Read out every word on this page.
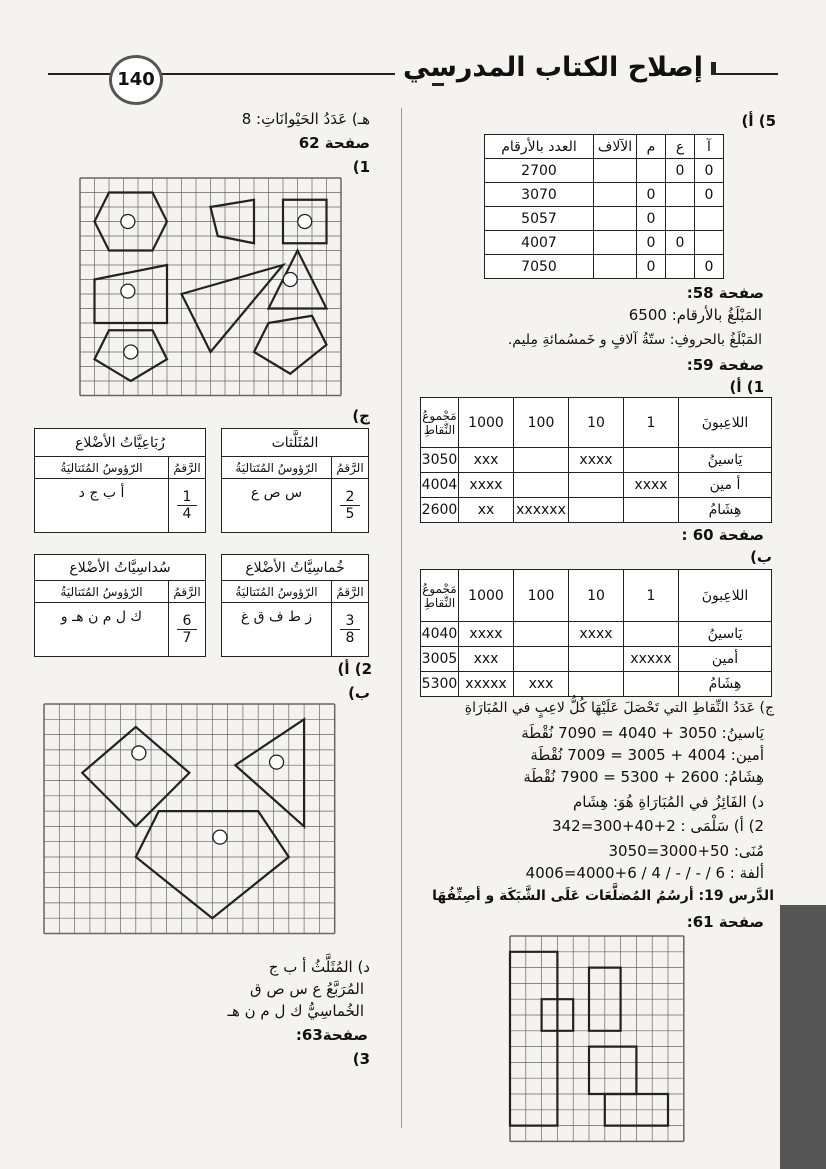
إصلاح الكتاب المدرسي
140
5) أ)
آ	ع	م	الآلاف	العدد بالأرقام
0	0			2700
0		0		3070
		0		5057
	0	0		4007
0		0		7050
صفحة 58:
المَبْلَغُ بالأرقام: 6500
المَبْلَغُ بالحروفِ: ستّةُ آلافٍ و خَمسُمائةِ مِليم.
صفحة 59:
1) أ)
اللاعِبونَ	1	10	100	1000	مَجْموعُ النِّقاطِ
يَاسينُ		xxxx		xxx	3050
أ مين	xxxx			xxxx	4004
هِشَامُ			xxxxxx	xx	2600
صفحة 60 :
ب)
اللاعِبونَ	1	10	100	1000	مَجْموعُ النِّقاطِ
يَاسينُ		xxxx		xxxx	4040
أمين	xxxxx			xxx	3005
هِشَامُ			xxx	xxxxx	5300
ج) عَدَدُ النِّقاطِ التي تَحْصَلَ عَلَيْهَا كُلُّ لاعِبٍ في المُبَارَاةِ
يَاسينُ: 3050 + 4040 = 7090 نُقْطَة
أمين: 4004 + 3005 = 7009 نُقْطَة
هِشَامُ: 2600 + 5300 = 7900 نُقْطَة
د) الفَائِزُ في المُبَارَاةِ هُوَ: هِشَام
2) أ) سَلْمَى : 2+40+300=342
مُنَى: 50+3000=3050
ألفة : 6 / - / - / 4 / 6+4000=4006
الدَّرس 19: أرسُمُ المُضلَّعَات عَلَى الشَّبَكَة و أصِنِّفُهَا
صفحة 61:
هـ) عَدَدُ الحَيْوانَاتِ: 8
صفحة 62
1)
ج)
المُثَلَّثات	
الرَّقمُ	الرّؤوسُ المُتَتاليَةُ

2
5	س ص ع
رُبَاعِيَّاتُ الأضْلاع	
الرَّقمُ	الرّؤوسُ المُتَتاليَةُ

1
4	أ ب ج د
خُماسِيَّاتُ الأضْلاع	
الرَّقمُ	الرّؤوسُ المُتَتاليَةُ

3
8	ز ط ف ق غ
سُداسِيَّاتُ الأضْلاع	
الرَّقمُ	الرّؤوسُ المُتَتاليَةُ

6
7	ك ل م ن هـ و
2) أ)
ب)
د) المُثَلَّثُ أ ب ج
المُرَبَّعُ ع س ص ق
الخُماسِيُّ ك ل م ن هـ
صفحة63:
3)
